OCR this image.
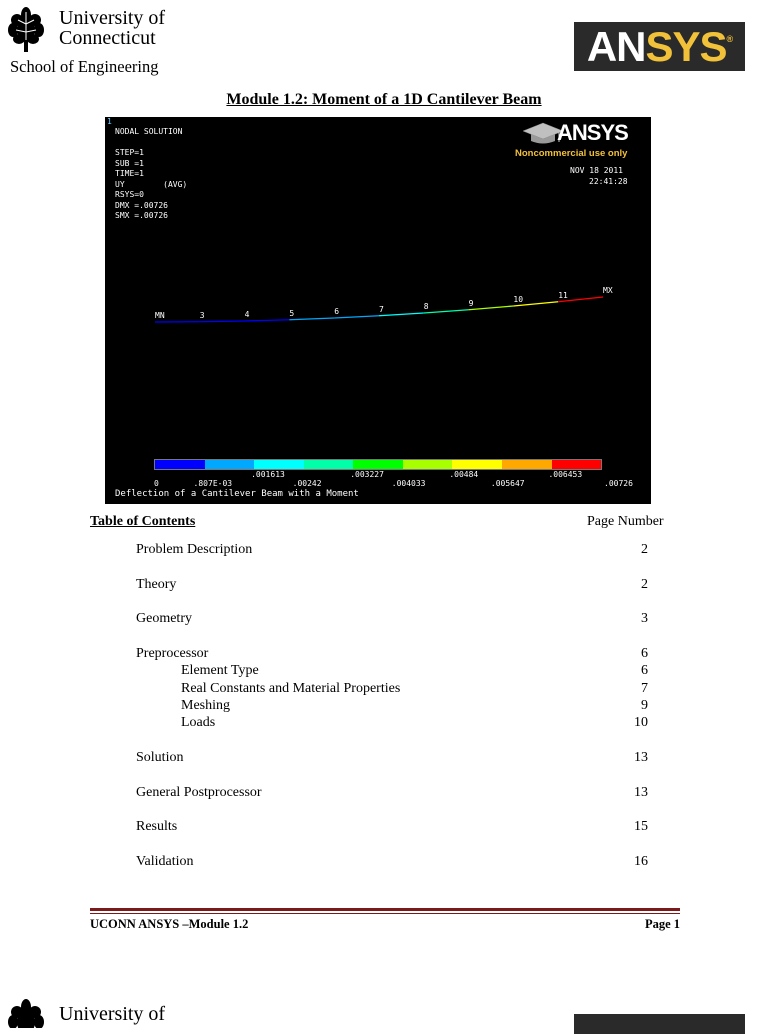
University of
Connecticut
School of Engineering	AN SYS ®
Module 1.2: Moment of a 1D Cantilever Beam
1
NODAL SOLUTION

STEP=1
SUB =1
TIME=1
UY        (AVG)
RSYS=0
DMX =.00726
SMX =.00726
ANSYS
Noncommercial use only
NOV 18 2011
22:41:28
MN	3	4	5	6	7	8	9	10	11
MX
0	.807E-03	.00242	.004033	.005647	.00726
.001613	.003227	.00484	.006453
Deflection of a Cantilever Beam with a Moment
Table of Contents	Page Number
Problem Description	2
Theory	2
Geometry	3
Preprocessor	6
Element Type	6
Real Constants and Material Properties	7
Meshing	9
Loads	10
Solution	13
General Postprocessor	13
Results	15
Validation	16
UCONN ANSYS –Module 1.2	Page 1
University of
